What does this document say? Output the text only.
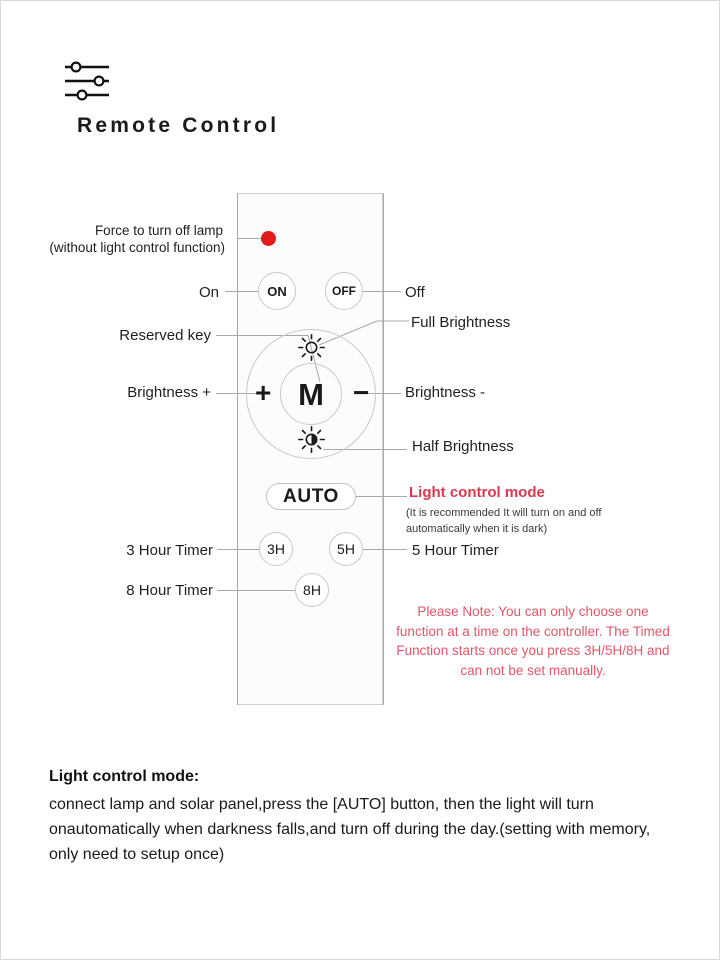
Remote Control
ON	OFF
M
+	−
AUTO
3H	5H
8H
Force to turn off lamp
(without light control function)
On
Reserved key
Brightness +
3 Hour Timer
8 Hour Timer
Off
Full Brightness
Brightness -
Half Brightness
5 Hour Timer
Light control mode
(It is recommended It will turn on and off automatically when it is dark)
Please Note: You can only choose one function at a time on the controller. The Timed Function starts once you press 3H/5H/8H and can not be set manually.
Light control mode:
connect lamp and solar panel,press the [AUTO] button, then the light will turn onautomatically when darkness falls,and turn off during the day.(setting with memory, only need to setup once)
